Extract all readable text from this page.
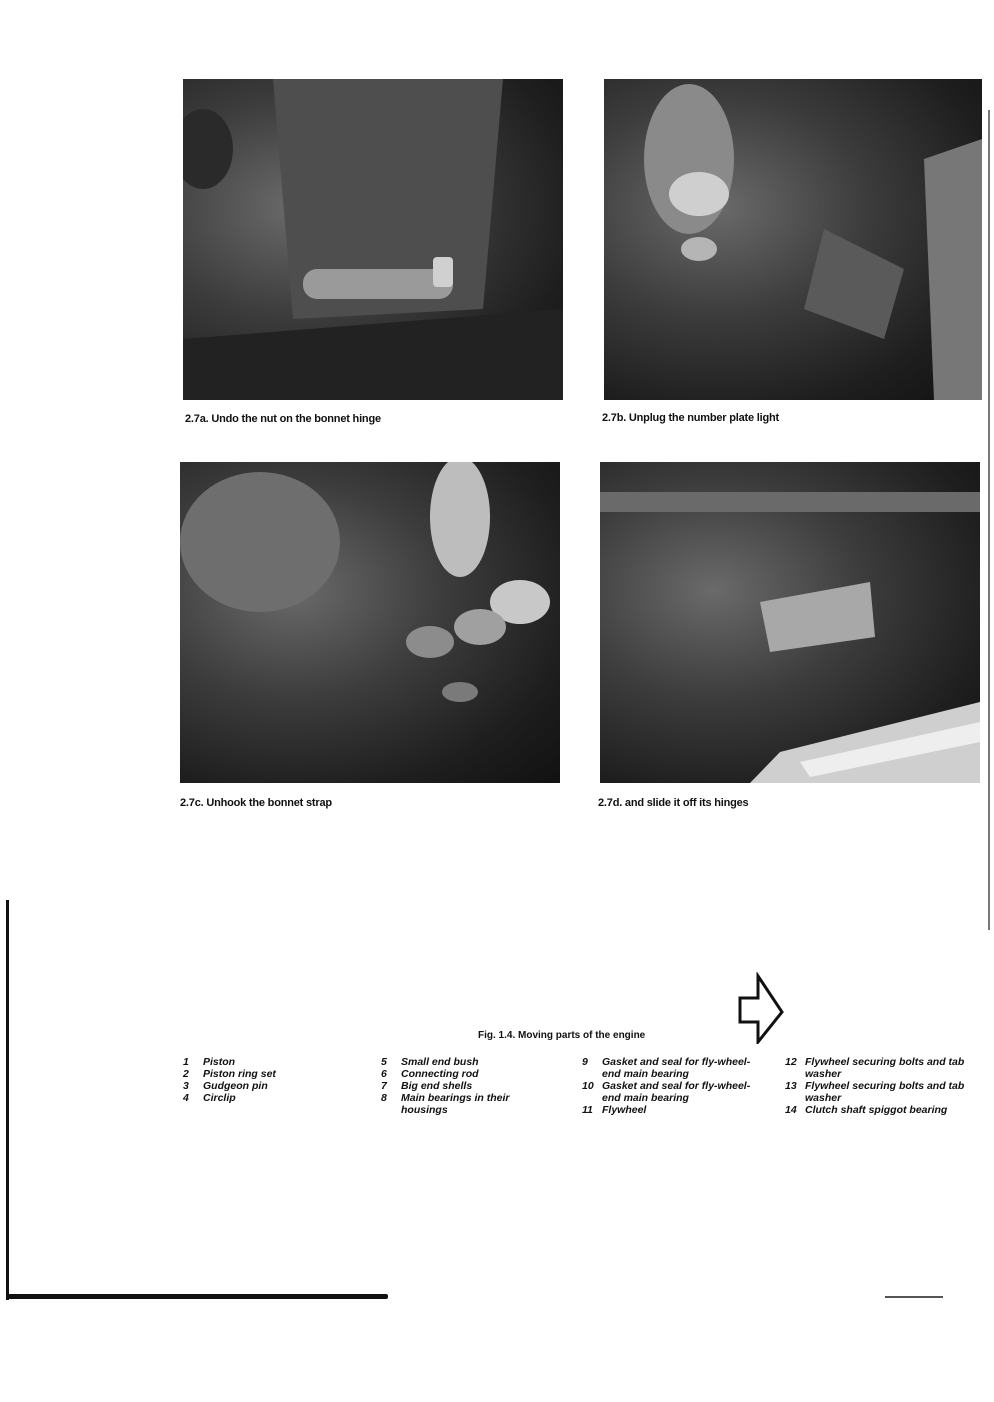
2.7a. Undo the nut on the bonnet hinge	2.7b. Unplug the number plate light
2.7c. Unhook the bonnet strap	2.7d. and slide it off its hinges
Fig. 1.4. Moving parts of the engine
1	Piston
2	Piston ring set
3	Gudgeon pin
4	Circlip
5	Small end bush
6	Connecting rod
7	Big end shells
8	Main bearings in their housings
9	Gasket and seal for fly-wheel-end main bearing
10 Gasket and seal for fly-wheel-end main bearing
11 Flywheel
12 Flywheel securing bolts and tab washer
13 Flywheel securing bolts and tab washer
14 Clutch shaft spiggot bearing
